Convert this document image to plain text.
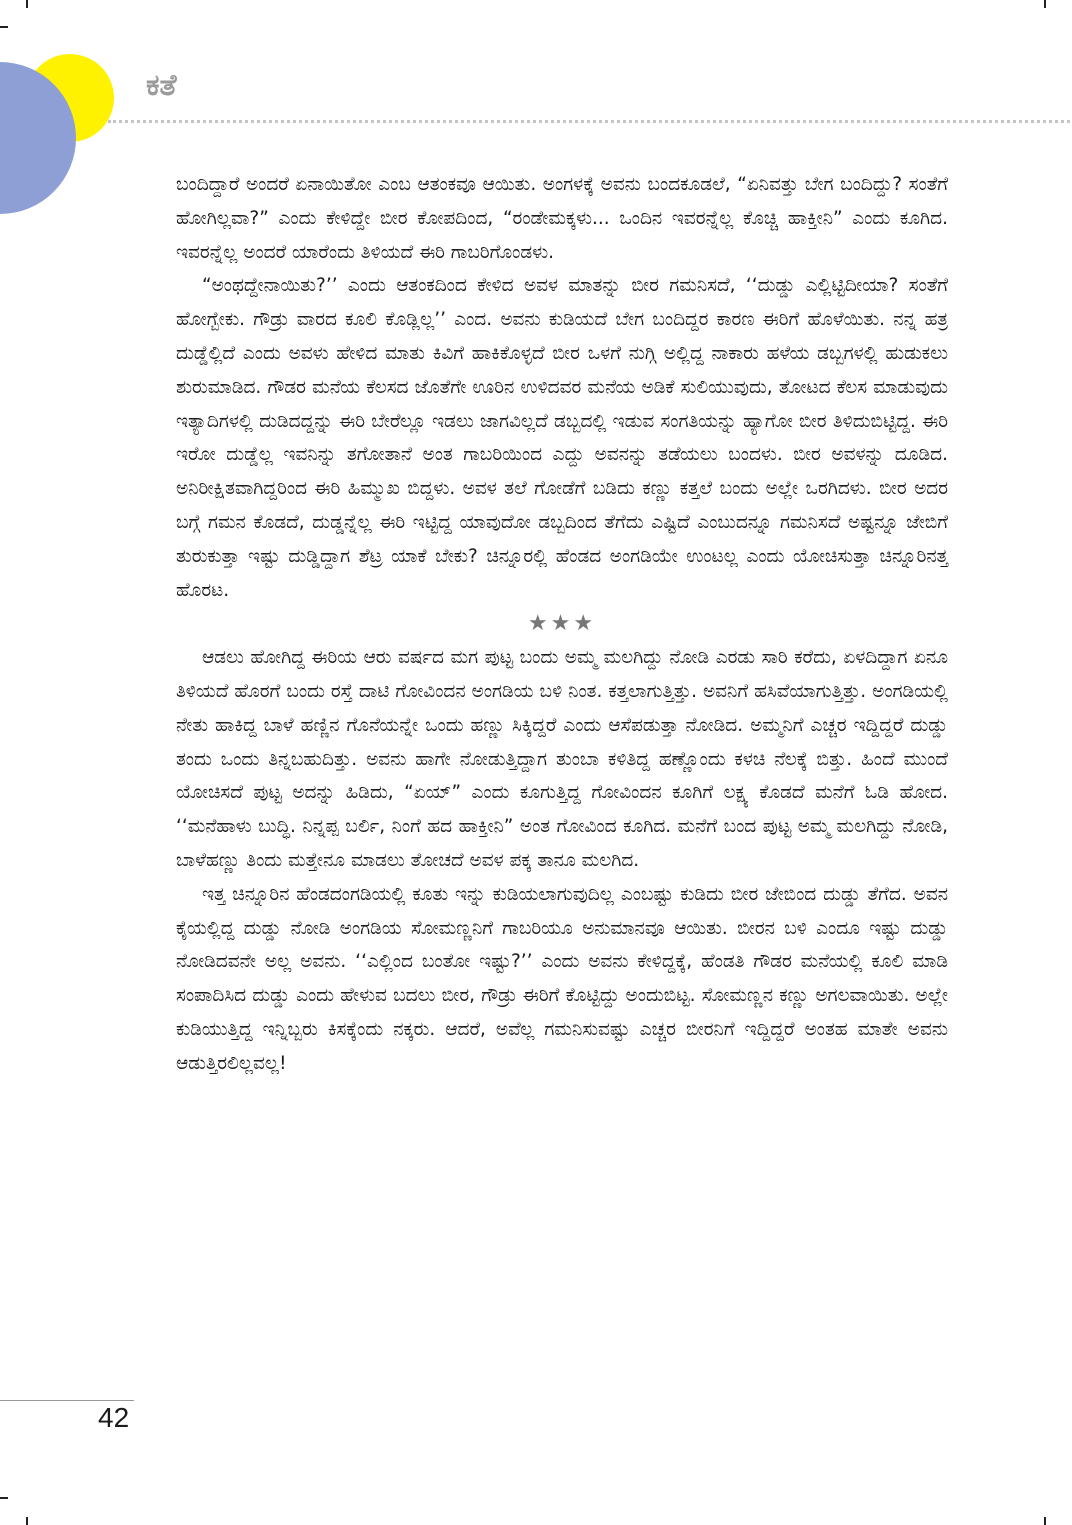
ಕತೆ

ಬಂದಿದ್ದಾರೆ ಅಂದರೆ ಏನಾಯಿತೋ ಎಂಬ ಆತಂಕವೂ ಆಯಿತು. ಅಂಗಳಕ್ಕೆ ಅವನು ಬಂದಕೂಡಲೆ, “ಏನಿವತ್ತು ಬೇಗ ಬಂದಿದ್ದು? ಸಂತೆಗೆ ಹೋಗಿಲ್ಲವಾ?” ಎಂದು ಕೇಳಿದ್ದೇ ಬೀರ ಕೋಪದಿಂದ, “ರಂಡೇಮಕ್ಕಳು... ಒಂದಿನ ಇವರನ್ನೆಲ್ಲ ಕೊಚ್ಚಿ ಹಾಕ್ತೀನಿ” ಎಂದು ಕೂಗಿದ. ಇವರನ್ನೆಲ್ಲ ಅಂದರೆ ಯಾರೆಂದು ತಿಳಿಯದೆ ಈರಿ ಗಾಬರಿಗೊಂಡಳು.

“ಅಂಥದ್ದೇನಾಯಿತು?’’ ಎಂದು ಆತಂಕದಿಂದ ಕೇಳಿದ ಅವಳ ಮಾತನ್ನು ಬೀರ ಗಮನಿಸದೆ, ‘‘ದುಡ್ಡು ಎಲ್ಲಿಟ್ಟಿದೀಯಾ? ಸಂತೆಗೆ ಹೋಗ್ಬೇಕು. ಗೌಡ್ರು ವಾರದ ಕೂಲಿ ಕೊಡ್ಲಿಲ್ಲ’’ ಎಂದ. ಅವನು ಕುಡಿಯದೆ ಬೇಗ ಬಂದಿದ್ದರ ಕಾರಣ ಈರಿಗೆ ಹೊಳೆಯಿತು. ನನ್ನ ಹತ್ರ ದುಡ್ಡೆಲ್ಲಿದೆ ಎಂದು ಅವಳು ಹೇಳಿದ ಮಾತು ಕಿವಿಗೆ ಹಾಕಿಕೊಳ್ಳದೆ ಬೀರ ಒಳಗೆ ನುಗ್ಗಿ ಅಲ್ಲಿದ್ದ ನಾಕಾರು ಹಳೆಯ ಡಬ್ಬಗಳಲ್ಲಿ ಹುಡುಕಲು ಶುರುಮಾಡಿದ. ಗೌಡರ ಮನೆಯ ಕೆಲಸದ ಜೊತೆಗೇ ಊರಿನ ಉಳಿದವರ ಮನೆಯ ಅಡಿಕೆ ಸುಲಿಯುವುದು, ತೋಟದ ಕೆಲಸ ಮಾಡುವುದು ಇತ್ಯಾದಿಗಳಲ್ಲಿ ದುಡಿದದ್ದನ್ನು ಈರಿ ಬೇರೆಲ್ಲೂ ಇಡಲು ಜಾಗವಿಲ್ಲದೆ ಡಬ್ಬದಲ್ಲಿ ಇಡುವ ಸಂಗತಿಯನ್ನು ಹ್ಯಾಗೋ ಬೀರ ತಿಳಿದುಬಿಟ್ಟಿದ್ದ. ಈರಿ ಇರೋ ದುಡ್ಡೆಲ್ಲ ಇವನಿನ್ನು ತಗೋತಾನೆ ಅಂತ ಗಾಬರಿಯಿಂದ ಎದ್ದು ಅವನನ್ನು ತಡೆಯಲು ಬಂದಳು. ಬೀರ ಅವಳನ್ನು ದೂಡಿದ. ಅನಿರೀಕ್ಷಿತವಾಗಿದ್ದರಿಂದ ಈರಿ ಹಿಮ್ಮುಖ ಬಿದ್ದಳು. ಅವಳ ತಲೆ ಗೋಡೆಗೆ ಬಡಿದು ಕಣ್ಣು ಕತ್ತಲೆ ಬಂದು ಅಲ್ಲೇ ಒರಗಿದಳು. ಬೀರ ಅದರ ಬಗ್ಗೆ ಗಮನ ಕೊಡದೆ, ದುಡ್ಡನ್ನೆಲ್ಲ ಈರಿ ಇಟ್ಟಿದ್ದ ಯಾವುದೋ ಡಬ್ಬದಿಂದ ತೆಗೆದು ಎಷ್ಟಿದೆ ಎಂಬುದನ್ನೂ ಗಮನಿಸದೆ ಅಷ್ಟನ್ನೂ ಜೇಬಿಗೆ ತುರುಕುತ್ತಾ ಇಷ್ಟು ದುಡ್ಡಿದ್ದಾಗ ಶೆಟ್ರ ಯಾಕೆ ಬೇಕು? ಚಿನ್ನೂರಲ್ಲಿ ಹೆಂಡದ ಅಂಗಡಿಯೇ ಉಂಟಲ್ಲ ಎಂದು ಯೋಚಿಸುತ್ತಾ ಚಿನ್ನೂರಿನತ್ತ ಹೊರಟ.

★★★

ಆಡಲು ಹೋಗಿದ್ದ ಈರಿಯ ಆರು ವರ್ಷದ ಮಗ ಪುಟ್ಟ ಬಂದು ಅಮ್ಮ ಮಲಗಿದ್ದು ನೋಡಿ ಎರಡು ಸಾರಿ ಕರೆದು, ಏಳದಿದ್ದಾಗ ಏನೂ ತಿಳಿಯದೆ ಹೊರಗೆ ಬಂದು ರಸ್ತೆ ದಾಟಿ ಗೋವಿಂದನ ಅಂಗಡಿಯ ಬಳಿ ನಿಂತ. ಕತ್ತಲಾಗುತ್ತಿತ್ತು. ಅವನಿಗೆ ಹಸಿವೆಯಾಗುತ್ತಿತ್ತು. ಅಂಗಡಿಯಲ್ಲಿ ನೇತು ಹಾಕಿದ್ದ ಬಾಳೆ ಹಣ್ಣಿನ ಗೊನೆಯನ್ನೇ ಒಂದು ಹಣ್ಣು ಸಿಕ್ಕಿದ್ದರೆ ಎಂದು ಆಸೆಪಡುತ್ತಾ ನೋಡಿದ. ಅಮ್ಮನಿಗೆ ಎಚ್ಚರ ಇದ್ದಿದ್ದರೆ ದುಡ್ಡು ತಂದು ಒಂದು ತಿನ್ನಬಹುದಿತ್ತು. ಅವನು ಹಾಗೇ ನೋಡುತ್ತಿದ್ದಾಗ ತುಂಬಾ ಕಳಿತಿದ್ದ ಹಣ್ಣೊಂದು ಕಳಚಿ ನೆಲಕ್ಕೆ ಬಿತ್ತು. ಹಿಂದೆ ಮುಂದೆ ಯೋಚಿಸದೆ ಪುಟ್ಟ ಅದನ್ನು ಹಿಡಿದು, “ಏಯ್” ಎಂದು ಕೂಗುತ್ತಿದ್ದ ಗೋವಿಂದನ ಕೂಗಿಗೆ ಲಕ್ಷ್ಯ ಕೊಡದೆ ಮನೆಗೆ ಓಡಿ ಹೋದ. ‘‘ಮನೆಹಾಳು ಬುದ್ಧಿ. ನಿನ್ನಪ್ಪ ಬರ್ಲಿ, ನಿಂಗೆ ಹದ ಹಾಕ್ತೀನಿ” ಅಂತ ಗೋವಿಂದ ಕೂಗಿದ. ಮನೆಗೆ ಬಂದ ಪುಟ್ಟ ಅಮ್ಮ ಮಲಗಿದ್ದು ನೋಡಿ, ಬಾಳೆಹಣ್ಣು ತಿಂದು ಮತ್ತೇನೂ ಮಾಡಲು ತೋಚದೆ ಅವಳ ಪಕ್ಕ ತಾನೂ ಮಲಗಿದ.

ಇತ್ತ ಚಿನ್ನೂರಿನ ಹೆಂಡದಂಗಡಿಯಲ್ಲಿ ಕೂತು ಇನ್ನು ಕುಡಿಯಲಾಗುವುದಿಲ್ಲ ಎಂಬಷ್ಟು ಕುಡಿದು ಬೀರ ಜೇಬಿಂದ ದುಡ್ಡು ತೆಗೆದ. ಅವನ ಕೈಯಲ್ಲಿದ್ದ ದುಡ್ಡು ನೋಡಿ ಅಂಗಡಿಯ ಸೋಮಣ್ಣನಿಗೆ ಗಾಬರಿಯೂ ಅನುಮಾನವೂ ಆಯಿತು. ಬೀರನ ಬಳಿ ಎಂದೂ ಇಷ್ಟು ದುಡ್ಡು ನೋಡಿದವನೇ ಅಲ್ಲ ಅವನು. ‘‘ಎಲ್ಲಿಂದ ಬಂತೋ ಇಷ್ಟು?’’ ಎಂದು ಅವನು ಕೇಳಿದ್ದಕ್ಕೆ, ಹೆಂಡತಿ ಗೌಡರ ಮನೆಯಲ್ಲಿ ಕೂಲಿ ಮಾಡಿ ಸಂಪಾದಿಸಿದ ದುಡ್ಡು ಎಂದು ಹೇಳುವ ಬದಲು ಬೀರ, ಗೌಡ್ರು ಈರಿಗೆ ಕೊಟ್ಟಿದ್ದು ಅಂದುಬಿಟ್ಟ. ಸೋಮಣ್ಣನ ಕಣ್ಣು ಅಗಲವಾಯಿತು. ಅಲ್ಲೇ ಕುಡಿಯುತ್ತಿದ್ದ ಇನ್ನಿಬ್ಬರು ಕಿಸಕ್ಕೆಂದು ನಕ್ಕರು. ಆದರೆ, ಅವೆಲ್ಲ ಗಮನಿಸುವಷ್ಟು ಎಚ್ಚರ ಬೀರನಿಗೆ ಇದ್ದಿದ್ದರೆ ಅಂತಹ ಮಾತೇ ಅವನು ಆಡುತ್ತಿರಲಿಲ್ಲವಲ್ಲ!

42
